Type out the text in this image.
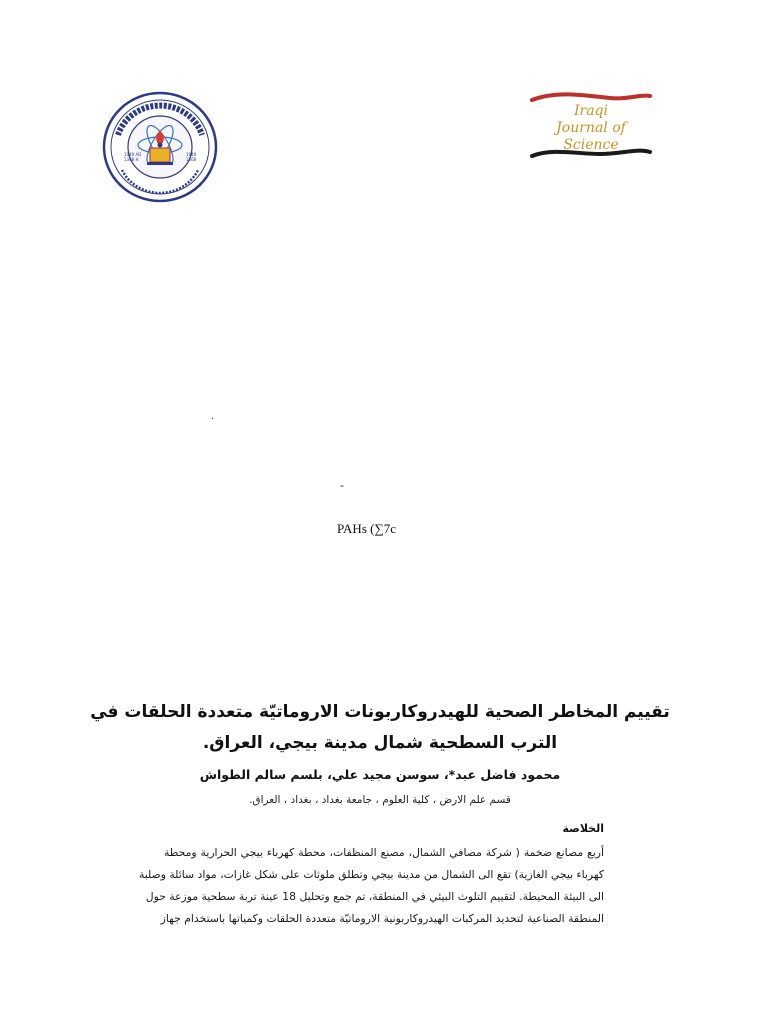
1949 AD
1368 H
1949
1368
Iraqi
Journal of
Science
.
-
PAHs (∑7c
تقييم المخاطر الصحية للهيدروكاربونات الاروماتيّة متعددة الحلقات في الترب السطحية شمال مدينة بيجي، العراق.
محمود فاضل عبد*، سوسن مجيد علي، بلسم سالم الطواش
قسم علم الارض ، كلية العلوم ، جامعة بغداد ، بغداد ، العراق.
الخلاصة
أربع مصانع ضخمة ( شركة مصافي الشمال، مصنع المنظفات، محطة كهرباء بيجي الحرارية ومحطة
كهرباء بيجي الغازية) تقع الى الشمال من مدينة بيجي وتطلق ملوثات على شكل غازات، مواد سائلة وصلبة
الى البيئة المحيطة. لتقييم التلوث البيئي في المنطقة، تم جمع وتحليل 18 عينة تربة سطحية موزعة حول
المنطقة الصناعية لتحديد المركبات الهيدروكاربونية الاروماتيّة متعددة الحلقات وكمياتها باستخدام جهاز
